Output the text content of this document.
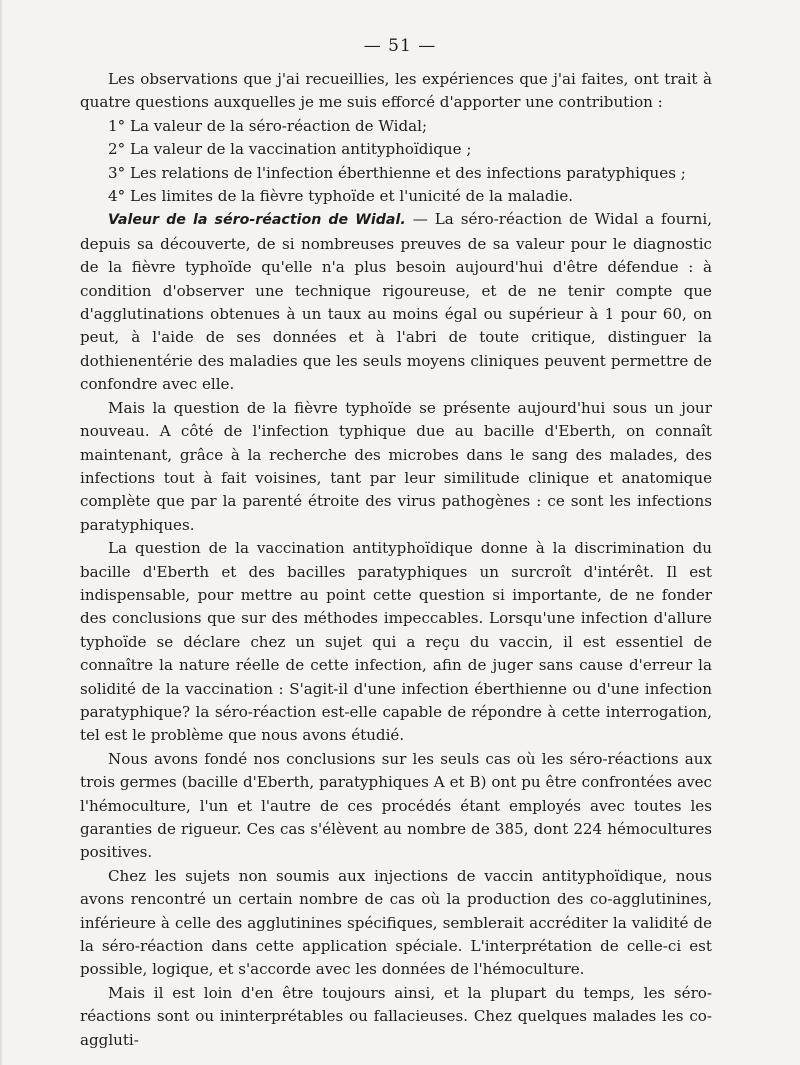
— 51 —

Les observations que j'ai recueillies, les expériences que j'ai faites, ont trait à quatre questions auxquelles je me suis efforcé d'apporter une contribution :

1° La valeur de la séro-réaction de Widal;

2° La valeur de la vaccination antityphoïdique ;

3° Les relations de l'infection éberthienne et des infections paratyphiques ;

4° Les limites de la fièvre typhoïde et l'unicité de la maladie.

Valeur de la séro-réaction de Widal. — La séro-réaction de Widal a fourni, depuis sa découverte, de si nombreuses preuves de sa valeur pour le diagnostic de la fièvre typhoïde qu'elle n'a plus besoin aujourd'hui d'être défendue : à condition d'observer une technique rigoureuse, et de ne tenir compte que d'agglutinations obtenues à un taux au moins égal ou supérieur à 1 pour 60, on peut, à l'aide de ses données et à l'abri de toute critique, distinguer la dothienentérie des maladies que les seuls moyens cliniques peuvent permettre de confondre avec elle.

Mais la question de la fièvre typhoïde se présente aujourd'hui sous un jour nouveau. A côté de l'infection typhique due au bacille d'Eberth, on connaît maintenant, grâce à la recherche des microbes dans le sang des malades, des infections tout à fait voisines, tant par leur similitude clinique et anatomique complète que par la parenté étroite des virus pathogènes : ce sont les infections paratyphiques.

La question de la vaccination antityphoïdique donne à la discrimination du bacille d'Eberth et des bacilles paratyphiques un surcroît d'intérêt. Il est indispensable, pour mettre au point cette question si importante, de ne fonder des conclusions que sur des méthodes impeccables. Lorsqu'une infection d'allure typhoïde se déclare chez un sujet qui a reçu du vaccin, il est essentiel de connaître la nature réelle de cette infection, afin de juger sans cause d'erreur la solidité de la vaccination : S'agit-il d'une infection éberthienne ou d'une infection paratyphique? la séro-réaction est-elle capable de répondre à cette interrogation, tel est le problème que nous avons étudié.

Nous avons fondé nos conclusions sur les seuls cas où les séro-réactions aux trois germes (bacille d'Eberth, paratyphiques A et B) ont pu être confrontées avec l'hémoculture, l'un et l'autre de ces procédés étant employés avec toutes les garanties de rigueur. Ces cas s'élèvent au nombre de 385, dont 224 hémocultures positives.

Chez les sujets non soumis aux injections de vaccin antityphoïdique, nous avons rencontré un certain nombre de cas où la production des co-agglutinines, inférieure à celle des agglutinines spécifiques, semblerait accréditer la validité de la séro-réaction dans cette application spéciale. L'interprétation de celle-ci est possible, logique, et s'accorde avec les données de l'hémoculture.

Mais il est loin d'en être toujours ainsi, et la plupart du temps, les séro-réactions sont ou ininterprétables ou fallacieuses. Chez quelques malades les co-aggluti-
